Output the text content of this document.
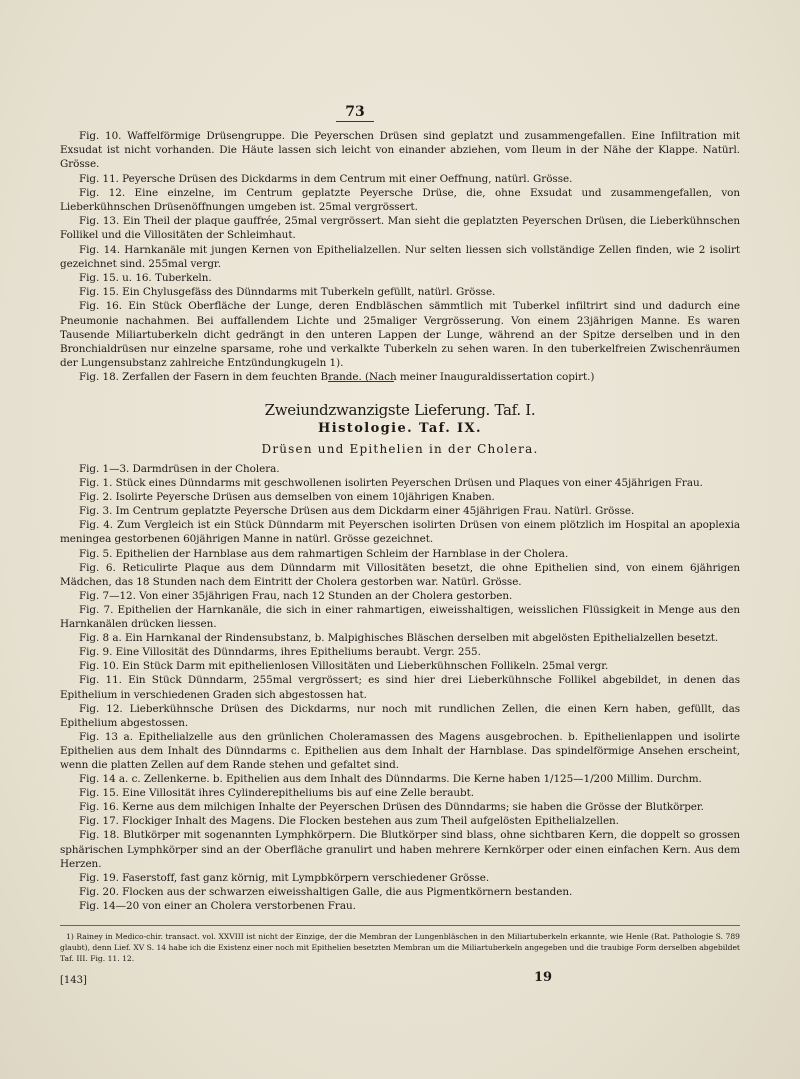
73

Fig. 10. Waffelförmige Drüsengruppe. Die Peyerschen Drüsen sind geplatzt und zusammengefallen. Eine Infiltration mit Exsudat ist nicht vorhanden. Die Häute lassen sich leicht von einander abziehen, vom Ileum in der Nähe der Klappe. Natürl. Grösse.

Fig. 11. Peyersche Drüsen des Dickdarms in dem Centrum mit einer Oeffnung, natürl. Grösse.

Fig. 12. Eine einzelne, im Centrum geplatzte Peyersche Drüse, die, ohne Exsudat und zusammengefallen, von Lieberkühnschen Drüsenöffnungen umgeben ist. 25mal vergrössert.

Fig. 13. Ein Theil der plaque gauffrée, 25mal vergrössert. Man sieht die geplatzten Peyerschen Drüsen, die Lieberkühnschen Follikel und die Villositäten der Schleimhaut.

Fig. 14. Harnkanäle mit jungen Kernen von Epithelialzellen. Nur selten liessen sich vollständige Zellen finden, wie 2 isolirt gezeichnet sind. 255mal vergr.

Fig. 15. u. 16. Tuberkeln.

Fig. 15. Ein Chylusgefäss des Dünndarms mit Tuberkeln gefüllt, natürl. Grösse.

Fig. 16. Ein Stück Oberfläche der Lunge, deren Endbläschen sämmtlich mit Tuberkel infiltrirt sind und dadurch eine Pneumonie nachahmen. Bei auffallendem Lichte und 25maliger Vergrösserung. Von einem 23jährigen Manne. Es waren Tausende Miliartuberkeln dicht gedrängt in den unteren Lappen der Lunge, während an der Spitze derselben und in den Bronchialdrüsen nur einzelne sparsame, rohe und verkalkte Tuberkeln zu sehen waren. In den tuberkelfreien Zwischenräumen der Lungensubstanz zahlreiche Entzündungkugeln 1).

Fig. 18. Zerfallen der Fasern in dem feuchten Brande. (Nach meiner Inauguraldissertation copirt.)

Zweiundzwanzigste Lieferung. Taf. I.
Histologie. Taf. IX.
Drüsen und Epithelien in der Cholera.

Fig. 1—3. Darmdrüsen in der Cholera.

Fig. 1. Stück eines Dünndarms mit geschwollenen isolirten Peyerschen Drüsen und Plaques von einer 45jährigen Frau.

Fig. 2. Isolirte Peyersche Drüsen aus demselben von einem 10jährigen Knaben.

Fig. 3. Im Centrum geplatzte Peyersche Drüsen aus dem Dickdarm einer 45jährigen Frau. Natürl. Grösse.

Fig. 4. Zum Vergleich ist ein Stück Dünndarm mit Peyerschen isolirten Drüsen von einem plötzlich im Hospital an apoplexia meningea gestorbenen 60jährigen Manne in natürl. Grösse gezeichnet.

Fig. 5. Epithelien der Harnblase aus dem rahmartigen Schleim der Harnblase in der Cholera.

Fig. 6. Reticulirte Plaque aus dem Dünndarm mit Villositäten besetzt, die ohne Epithelien sind, von einem 6jährigen Mädchen, das 18 Stunden nach dem Eintritt der Cholera gestorben war. Natürl. Grösse.

Fig. 7—12. Von einer 35jährigen Frau, nach 12 Stunden an der Cholera gestorben.

Fig. 7. Epithelien der Harnkanäle, die sich in einer rahmartigen, eiweisshaltigen, weisslichen Flüssigkeit in Menge aus den Harnkanälen drücken liessen.

Fig. 8 a. Ein Harnkanal der Rindensubstanz, b. Malpighisches Bläschen derselben mit abgelösten Epithelialzellen besetzt.

Fig. 9. Eine Villosität des Dünndarms, ihres Epitheliums beraubt. Vergr. 255.

Fig. 10. Ein Stück Darm mit epithelienlosen Villositäten und Lieberkühnschen Follikeln. 25mal vergr.

Fig. 11. Ein Stück Dünndarm, 255mal vergrössert; es sind hier drei Lieberkühnsche Follikel abgebildet, in denen das Epithelium in verschiedenen Graden sich abgestossen hat.

Fig. 12. Lieberkühnsche Drüsen des Dickdarms, nur noch mit rundlichen Zellen, die einen Kern haben, gefüllt, das Epithelium abgestossen.

Fig. 13 a. Epithelialzelle aus den grünlichen Choleramassen des Magens ausgebrochen. b. Epithelienlappen und isolirte Epithelien aus dem Inhalt des Dünndarms c. Epithelien aus dem Inhalt der Harnblase. Das spindelförmige Ansehen erscheint, wenn die platten Zellen auf dem Rande stehen und gefaltet sind.

Fig. 14 a. c. Zellenkerne. b. Epithelien aus dem Inhalt des Dünndarms. Die Kerne haben 1/125—1/200 Millim. Durchm.

Fig. 15. Eine Villosität ihres Cylinderepitheliums bis auf eine Zelle beraubt.

Fig. 16. Kerne aus dem milchigen Inhalte der Peyerschen Drüsen des Dünndarms; sie haben die Grösse der Blutkörper.

Fig. 17. Flockiger Inhalt des Magens. Die Flocken bestehen aus zum Theil aufgelösten Epithelialzellen.

Fig. 18. Blutkörper mit sogenannten Lymphkörpern. Die Blutkörper sind blass, ohne sichtbaren Kern, die doppelt so grossen sphärischen Lymphkörper sind an der Oberfläche granulirt und haben mehrere Kernkörper oder einen einfachen Kern. Aus dem Herzen.

Fig. 19. Faserstoff, fast ganz körnig, mit Lympbkörpern verschiedener Grösse.

Fig. 20. Flocken aus der schwarzen eiweisshaltigen Galle, die aus Pigmentkörnern bestanden.

Fig. 14—20 von einer an Cholera verstorbenen Frau.

1) Rainey in Medico-chir. transact. vol. XXVIII ist nicht der Einzige, der die Membran der Lungenbläschen in den Miliartuberkeln erkannte, wie Henle (Rat. Pathologie S. 789 glaubt), denn Lief. XV S. 14 habe ich die Existenz einer noch mit Epithelien besetzten Membran um die Miliartuberkeln angegeben und die traubige Form derselben abgebildet Taf. III. Fig. 11. 12.
[143]	19
